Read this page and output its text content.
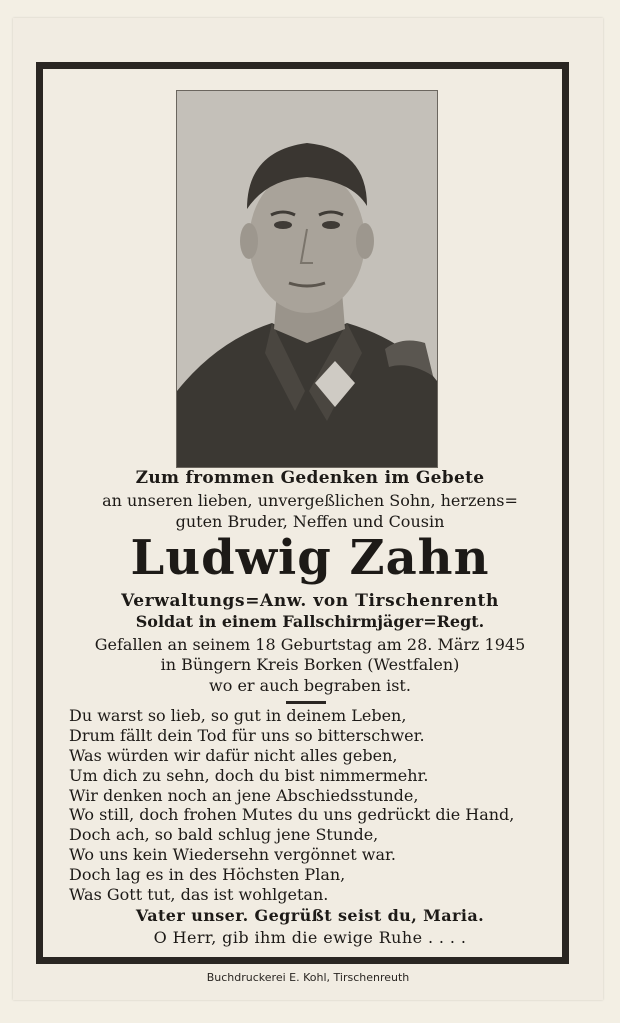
Zum frommen Gedenken im Gebete
an unseren lieben, unvergeßlichen Sohn, herzens=
guten Bruder, Neffen und Cousin
Ludwig Zahn
Verwaltungs=Anw. von Tirschenrenth
Soldat in einem Fallschirmjäger=Regt.
Gefallen an seinem 18 Geburtstag am 28. März 1945
in Büngern Kreis Borken (Westfalen)
wo er auch begraben ist.
Du warst so lieb, so gut in deinem Leben,
Drum fällt dein Tod für uns so bitterschwer.
Was würden wir dafür nicht alles geben,
Um dich zu sehn, doch du bist nimmermehr.
Wir denken noch an jene Abschiedsstunde,
Wo still, doch frohen Mutes du uns gedrückt die Hand,
Doch ach, so bald schlug jene Stunde,
Wo uns kein Wiedersehn vergönnet war.
Doch lag es in des Höchsten Plan,
Was Gott tut, das ist wohlgetan.
Vater unser. Gegrüßt seist du, Maria.
O Herr, gib ihm die ewige Ruhe . . . .
Buchdruckerei E. Kohl, Tirschenreuth
